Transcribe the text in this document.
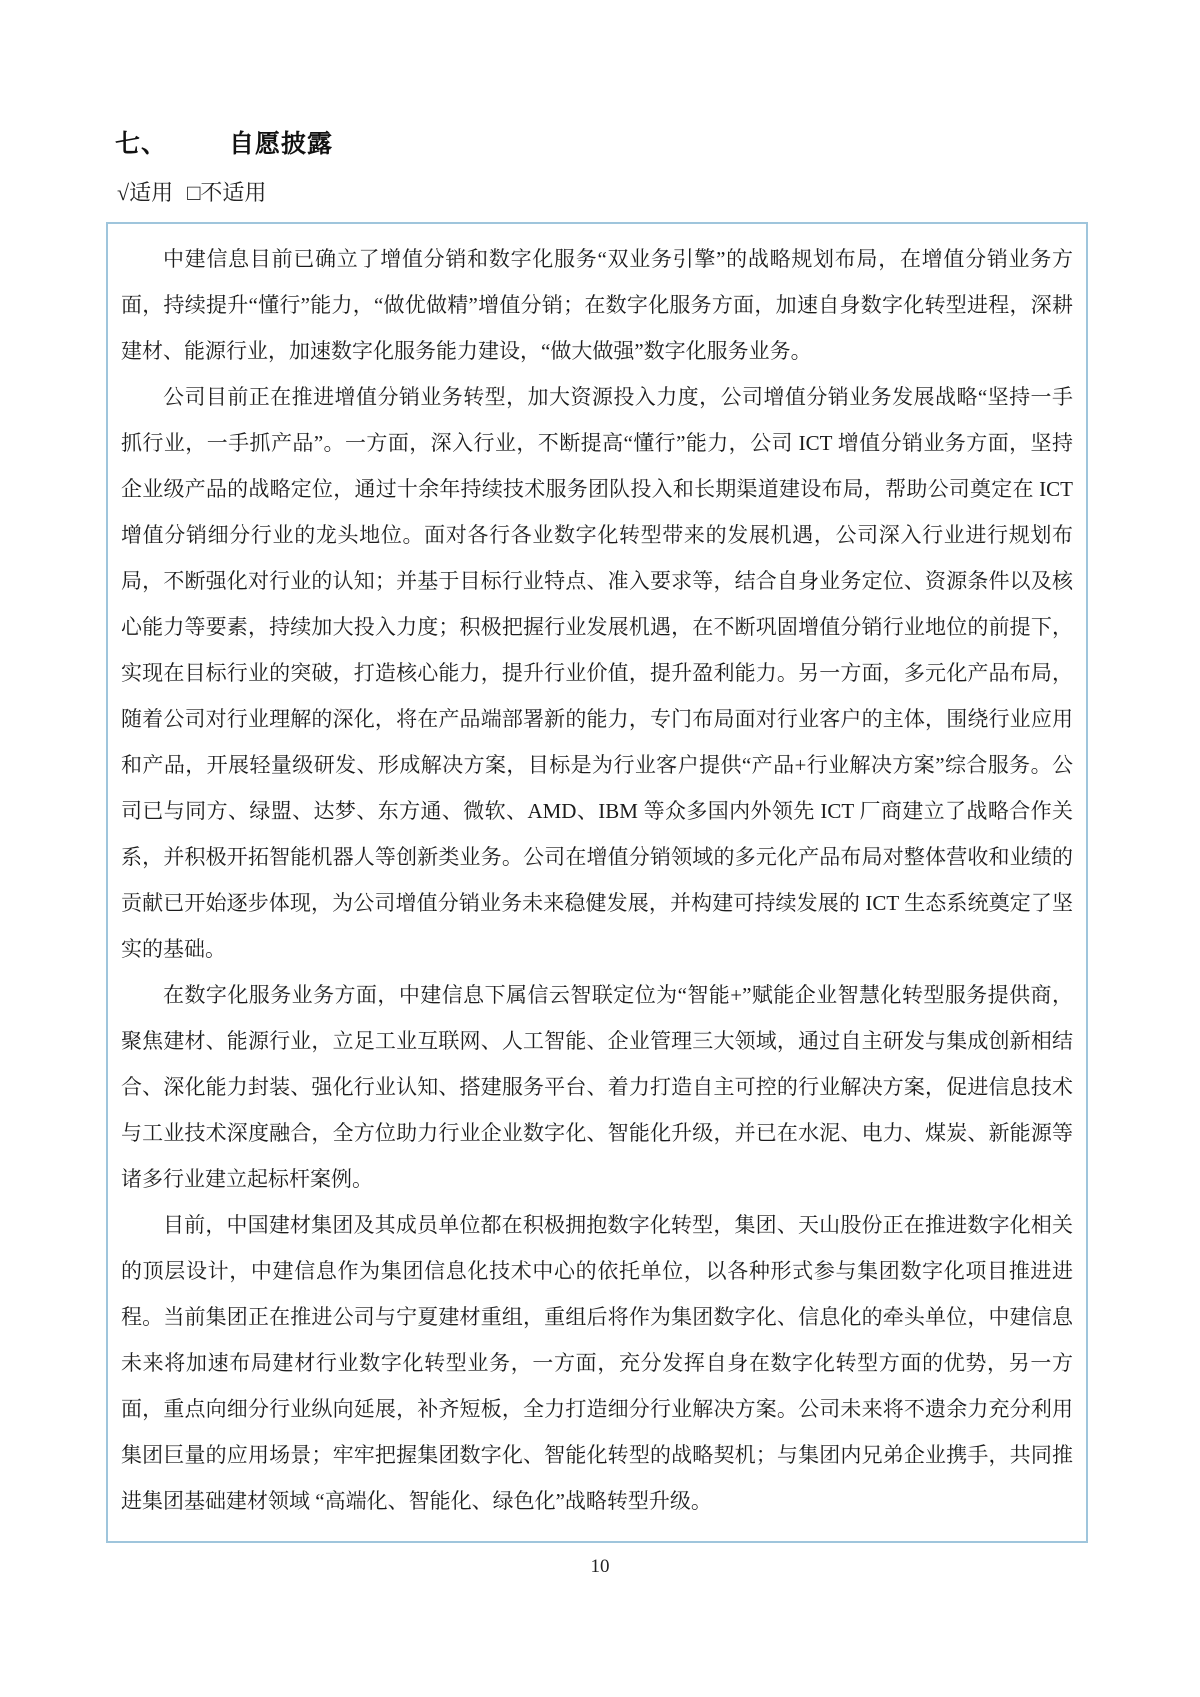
七、 自愿披露
√适用 □不适用

中建信息目前已确立了增值分销和数字化服务“双业务引擎”的战略规划布局，在增值分销业务方面，持续提升“懂行”能力，“做优做精”增值分销；在数字化服务方面，加速自身数字化转型进程，深耕建材、能源行业，加速数字化服务能力建设，“做大做强”数字化服务业务。

公司目前正在推进增值分销业务转型，加大资源投入力度，公司增值分销业务发展战略“坚持一手抓行业，一手抓产品”。一方面，深入行业，不断提高“懂行”能力，公司 ICT 增值分销业务方面，坚持企业级产品的战略定位，通过十余年持续技术服务团队投入和长期渠道建设布局，帮助公司奠定在 ICT 增值分销细分行业的龙头地位。面对各行各业数字化转型带来的发展机遇，公司深入行业进行规划布局，不断强化对行业的认知；并基于目标行业特点、准入要求等，结合自身业务定位、资源条件以及核心能力等要素，持续加大投入力度；积极把握行业发展机遇，在不断巩固增值分销行业地位的前提下，实现在目标行业的突破，打造核心能力，提升行业价值，提升盈利能力。另一方面，多元化产品布局，随着公司对行业理解的深化，将在产品端部署新的能力，专门布局面对行业客户的主体，围绕行业应用和产品，开展轻量级研发、形成解决方案，目标是为行业客户提供“产品+行业解决方案”综合服务。公司已与同方、绿盟、达梦、东方通、微软、AMD、IBM 等众多国内外领先 ICT 厂商建立了战略合作关系，并积极开拓智能机器人等创新类业务。公司在增值分销领域的多元化产品布局对整体营收和业绩的贡献已开始逐步体现，为公司增值分销业务未来稳健发展，并构建可持续发展的 ICT 生态系统奠定了坚实的基础。

在数字化服务业务方面，中建信息下属信云智联定位为“智能+”赋能企业智慧化转型服务提供商，聚焦建材、能源行业，立足工业互联网、人工智能、企业管理三大领域，通过自主研发与集成创新相结合、深化能力封装、强化行业认知、搭建服务平台、着力打造自主可控的行业解决方案，促进信息技术与工业技术深度融合，全方位助力行业企业数字化、智能化升级，并已在水泥、电力、煤炭、新能源等诸多行业建立起标杆案例。

目前，中国建材集团及其成员单位都在积极拥抱数字化转型，集团、天山股份正在推进数字化相关的顶层设计，中建信息作为集团信息化技术中心的依托单位，以各种形式参与集团数字化项目推进进程。当前集团正在推进公司与宁夏建材重组，重组后将作为集团数字化、信息化的牵头单位，中建信息未来将加速布局建材行业数字化转型业务，一方面，充分发挥自身在数字化转型方面的优势，另一方面，重点向细分行业纵向延展，补齐短板，全力打造细分行业解决方案。公司未来将不遗余力充分利用集团巨量的应用场景；牢牢把握集团数字化、智能化转型的战略契机；与集团内兄弟企业携手，共同推进集团基础建材领域 “高端化、智能化、绿色化”战略转型升级。

10
